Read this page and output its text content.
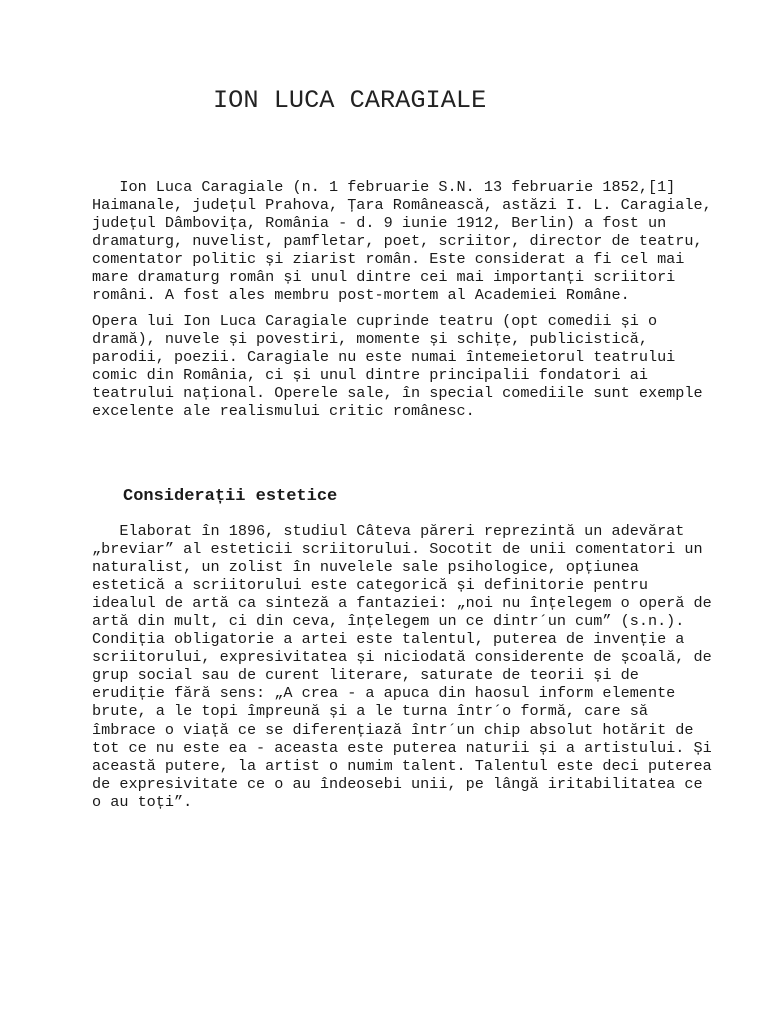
ION LUCA CARAGIALE
Ion Luca Caragiale (n. 1 februarie S.N. 13 februarie 1852,[1]
Haimanale, județul Prahova, Țara Românească, astăzi I. L. Caragiale,
județul Dâmbovița, România - d. 9 iunie 1912, Berlin) a fost un
dramaturg, nuvelist, pamfletar, poet, scriitor, director de teatru,
comentator politic și ziarist român. Este considerat a fi cel mai
mare dramaturg român și unul dintre cei mai importanți scriitori
români. A fost ales membru post-mortem al Academiei Române.
Opera lui Ion Luca Caragiale cuprinde teatru (opt comedii și o
dramă), nuvele și povestiri, momente și schițe, publicistică,
parodii, poezii. Caragiale nu este numai întemeietorul teatrului
comic din România, ci și unul dintre principalii fondatori ai
teatrului național. Operele sale, în special comediile sunt exemple
excelente ale realismului critic românesc.
Considerații estetice
Elaborat în 1896, studiul Câteva păreri reprezintă un adevărat
„breviar” al esteticii scriitorului. Socotit de unii comentatori un
naturalist, un zolist în nuvelele sale psihologice, opțiunea
estetică a scriitorului este categorică și definitorie pentru
idealul de artă ca sinteză a fantaziei: „noi nu înțelegem o operă de
artă din mult, ci din ceva, înțelegem un ce dintr´un cum” (s.n.).
Condiția obligatorie a artei este talentul, puterea de invenție a
scriitorului, expresivitatea și niciodată considerente de școală, de
grup social sau de curent literare, saturate de teorii și de
erudiție fără sens: „A crea - a apuca din haosul inform elemente
brute, a le topi împreună și a le turna într´o formă, care să
îmbrace o viață ce se diferențiază într´un chip absolut hotărit de
tot ce nu este ea - aceasta este puterea naturii și a artistului. Și
această putere, la artist o numim talent. Talentul este deci puterea
de expresivitate ce o au îndeosebi unii, pe lângă iritabilitatea ce
o au toți”.
